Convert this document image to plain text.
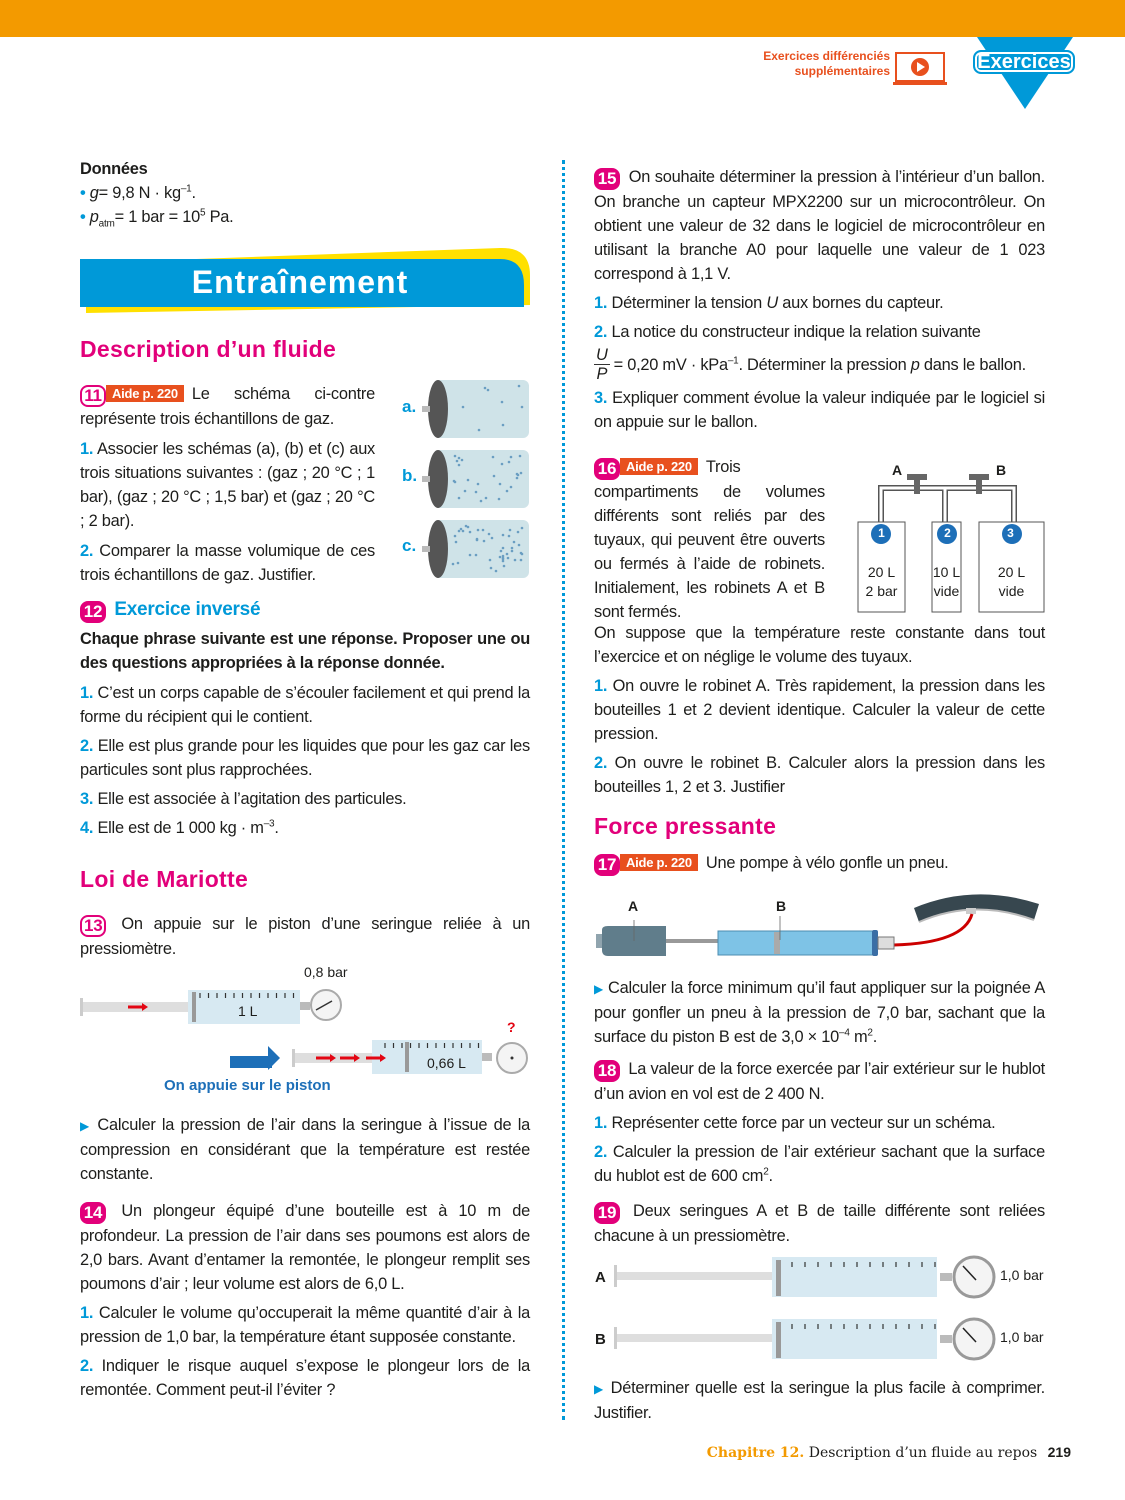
Exercices différenciés
supplémentaires	Exercices
Données
• g= 9,8 $N \cdot kg^{-1}$.
• $p_{atm}= 1$ bar = $10^5$ Pa.
Entraînement
Description d’un fluide
11 Aide p. 220 Le schéma ci-contre représente trois échantillons de gaz.

1. Associer les schémas (a), (b) et (c) aux trois situations suivantes : (gaz ; 20 °C ; 1 bar), (gaz ; 20 °C ; 1,5 bar) et (gaz ; 20 °C ; 2 bar).
2. Comparer la masse volumique de ces trois échantillons de gaz. Justifier.
a.
b.
c.
12 Exercice inversé
Chaque phrase suivante est une réponse. Proposer une ou des questions appropriées à la réponse donnée.
1. C’est un corps capable de s’écouler facilement et qui prend la forme du récipient qui le contient.
2. Elle est plus grande pour les liquides que pour les gaz car les particules sont plus rapprochées.
3. Elle est associée à l’agitation des particules.
4. Elle est de 1 000 kg · $m^{-3}$.
Loi de Mariotte
13 On appuie sur le piston d’une seringue reliée à un pressiomètre.
0,8 bar
1 L
0,66 L
?
On appuie sur le piston
▶ Calculer la pression de l’air dans la seringue à l’issue de la compression en considérant que la température est restée constante.
14 Un plongeur équipé d’une bouteille est à 10 m de profondeur. La pression de l’air dans ses poumons est alors de 2,0 bars. Avant d’entamer la remontée, le plongeur remplit ses poumons d’air ; leur volume est alors de 6,0 L.
1. Calculer le volume qu’occuperait la même quantité d’air à la pression de 1,0 bar, la température étant supposée constante.
2. Indiquer le risque auquel s’expose le plongeur lors de la remontée. Comment peut-il l’éviter ?
15 On souhaite déterminer la pression à l’intérieur d’un ballon. On branche un capteur MPX2200 sur un microcontrôleur. On obtient une valeur de 32 dans le logiciel de microcontrôleur en utilisant la branche A0 pour laquelle une valeur de 1 023 correspond à 1,1 V.
1. Déterminer la tension U aux bornes du capteur.
2. La notice du constructeur indique la relation suivante
$\frac{U}{P} = 0,20$ mV · kPa$^{-1}$. Déterminer la pression p dans le ballon.
3. Expliquer comment évolue la valeur indiquée par le logiciel si on appuie sur le ballon.
16 Aide p. 220 Trois compartiments de volumes différents sont reliés par des tuyaux, qui peuvent être ouverts ou fermés à l’aide de robinets. Initialement, les robinets A et B sont fermés.
A	B
1
20 L
2 bar
2
10 L
vide
3
20 L
vide
On suppose que la température reste constante dans tout l’exercice et on néglige le volume des tuyaux.
1. On ouvre le robinet A. Très rapidement, la pression dans les bouteilles 1 et 2 devient identique. Calculer la valeur de cette pression.
2. On ouvre le robinet B. Calculer alors la pression dans les bouteilles 1, 2 et 3. Justifier
Force pressante
17 Aide p. 220 Une pompe à vélo gonfle un pneu.
A	B
▶ Calculer la force minimum qu’il faut appliquer sur la poignée A pour gonfler un pneu à la pression de 7,0 bar, sachant que la surface du piston B est de $3,0 \times 10^{-4}$ $m^2$.
18 La valeur de la force exercée par l’air extérieur sur le hublot d’un avion en vol est de 2 400 N.
1. Représenter cette force par un vecteur sur un schéma.
2. Calculer la pression de l’air extérieur sachant que la surface du hublot est de 600 $cm^2$.
19 Deux seringues A et B de taille différente sont reliées chacune à un pressiomètre.
A
B
1,0 bar
1,0 bar
▶ Déterminer quelle est la seringue la plus facile à comprimer. Justifier.
Chapitre 12. Description d’un fluide au repos 219
